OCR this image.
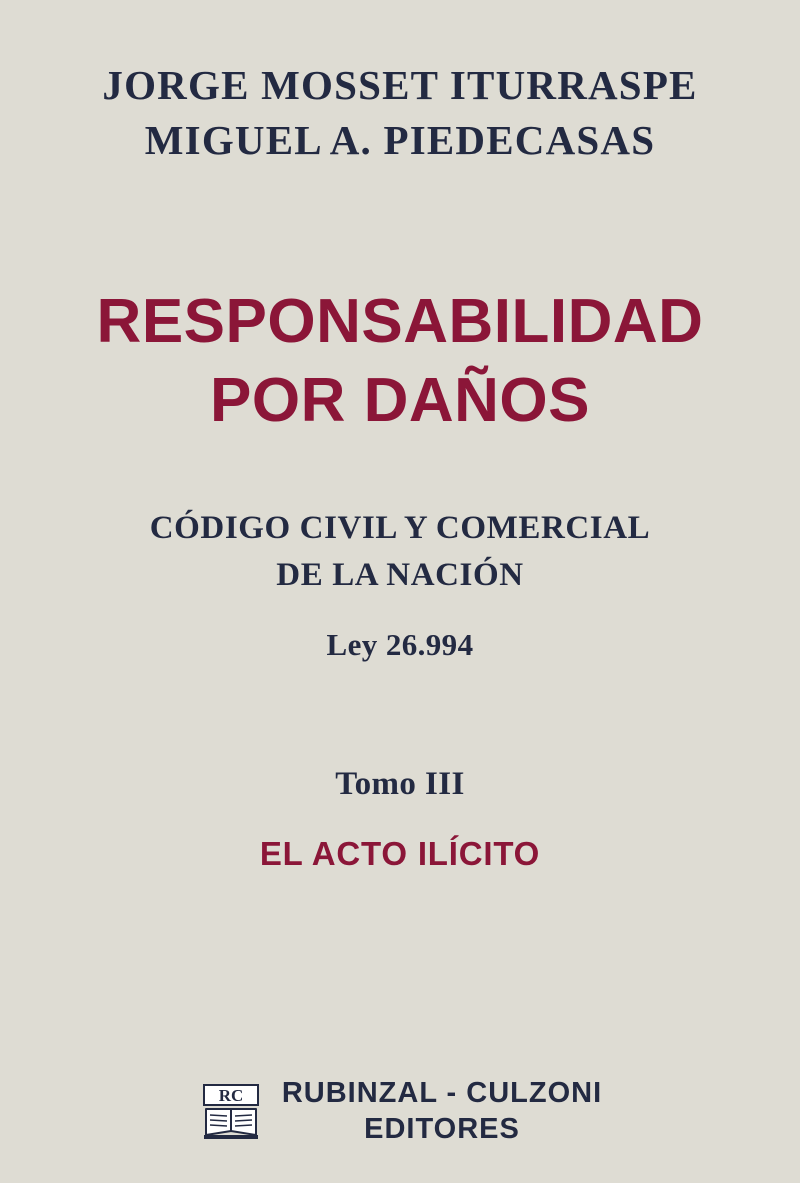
JORGE MOSSET ITURRASPE
MIGUEL A. PIEDECASAS
RESPONSABILIDAD
POR DAÑOS
CÓDIGO CIVIL Y COMERCIAL
DE LA NACIÓN
Ley 26.994
Tomo III
EL ACTO ILÍCITO
RC RUBINZAL - CULZONI
EDITORES
